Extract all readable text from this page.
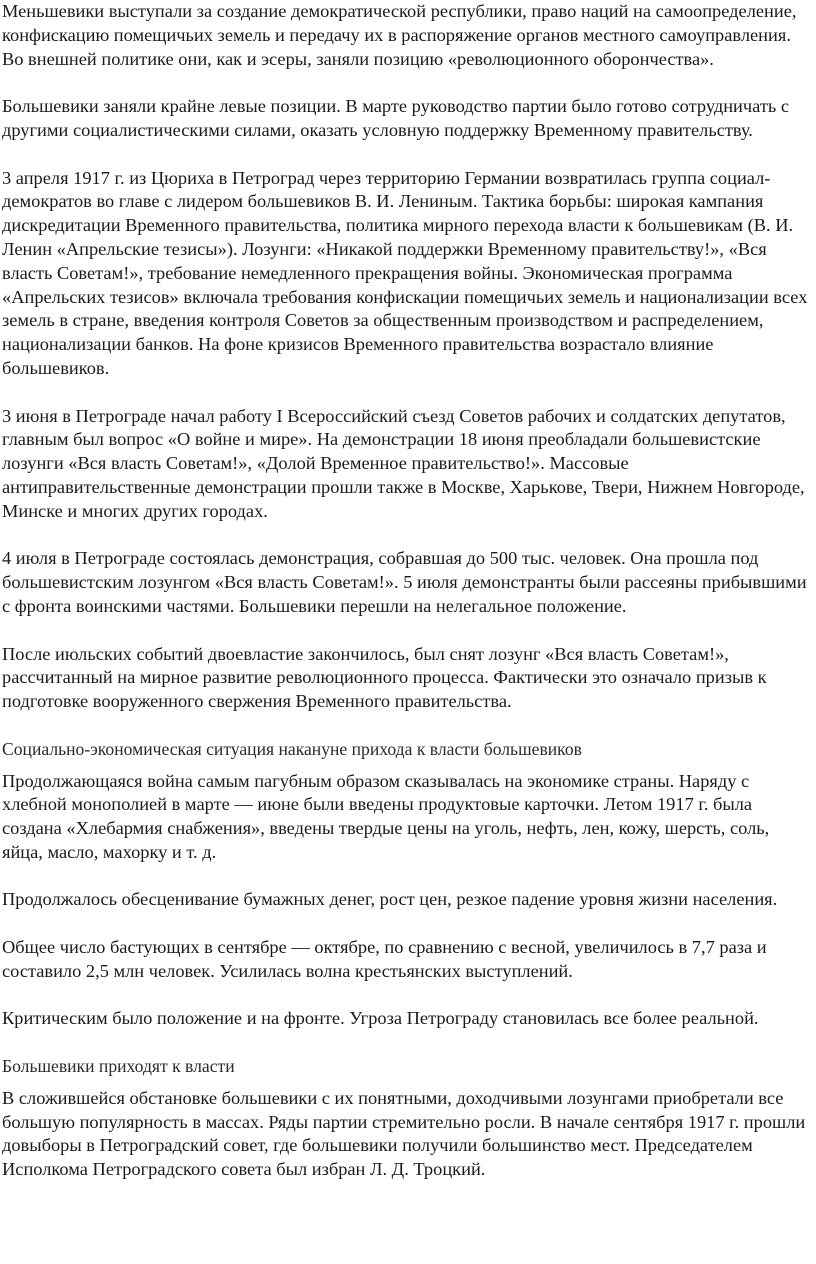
Меньшевики выступали за создание демократической республики, право наций на самоопределение, конфискацию помещичьих земель и передачу их в распоряжение органов местного самоуправления. Во внешней политике они, как и эсеры, заняли позицию «революционного оборончества».

Большевики заняли крайне левые позиции. В марте руководство партии было готово сотрудничать с другими социалистическими силами, оказать условную поддержку Временному правительству.

3 апреля 1917 г. из Цюриха в Петроград через территорию Германии возвратилась группа социал-демократов во главе с лидером большевиков В. И. Лениным. Тактика борьбы: широкая кампания дискредитации Временного правительства, политика мирного перехода власти к большевикам (В. И. Ленин «Апрельские тезисы»). Лозунги: «Никакой поддержки Временному правительству!», «Вся власть Советам!», требование немедленного прекращения войны. Экономическая программа «Апрельских тезисов» включала требования конфискации помещичьих земель и национализации всех земель в стране, введения контроля Советов за общественным производством и распределением, национализации банков. На фоне кризисов Временного правительства возрастало влияние большевиков.

3 июня в Петрограде начал работу I Всероссийский съезд Советов рабочих и солдатских депутатов, главным был вопрос «О войне и мире». На демонстрации 18 июня преобладали большевистские лозунги «Вся власть Советам!», «Долой Временное правительство!». Массовые антиправительственные демонстрации прошли также в Москве, Харькове, Твери, Нижнем Новгороде, Минске и многих других городах.

4 июля в Петрограде состоялась демонстрация, собравшая до 500 тыс. человек. Она прошла под большевистским лозунгом «Вся власть Советам!». 5 июля демонстранты были рассеяны прибывшими с фронта воинскими частями. Большевики перешли на нелегальное положение.

После июльских событий двоевластие закончилось, был снят лозунг «Вся власть Советам!», рассчитанный на мирное развитие революционного процесса. Фактически это означало призыв к подготовке вооруженного свержения Временного правительства.

Социально-экономическая ситуация накануне прихода к власти большевиков

Продолжающаяся война самым пагубным образом сказывалась на экономике страны. Наряду с хлебной монополией в марте — июне были введены продуктовые карточки. Летом 1917 г. была создана «Хлебармия снабжения», введены твердые цены на уголь, нефть, лен, кожу, шерсть, соль, яйца, масло, махорку и т. д.

Продолжалось обесценивание бумажных денег, рост цен, резкое падение уровня жизни населения.

Общее число бастующих в сентябре — октябре, по сравнению с весной, увеличилось в 7,7 раза и составило 2,5 млн человек. Усилилась волна крестьянских выступлений.

Критическим было положение и на фронте. Угроза Петрограду становилась все более реальной.

Большевики приходят к власти

В сложившейся обстановке большевики с их понятными, доходчивыми лозунгами приобретали все большую популярность в массах. Ряды партии стремительно росли. В начале сентября 1917 г. прошли довыборы в Петроградский совет, где большевики получили большинство мест. Председателем Исполкома Петроградского совета был избран Л. Д. Троцкий.
